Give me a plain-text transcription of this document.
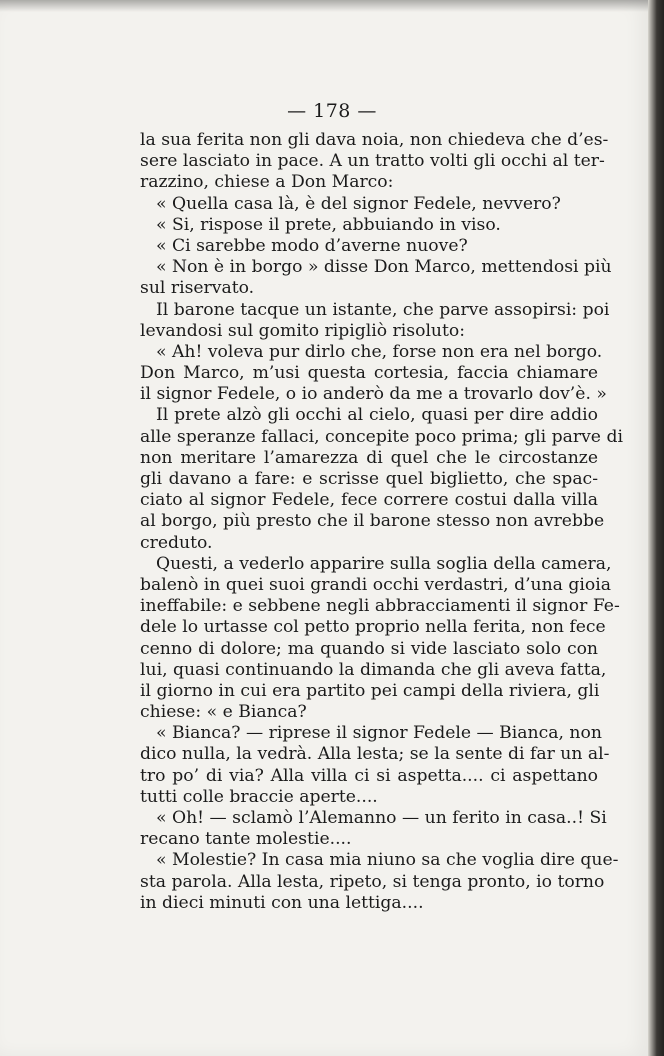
— 178 —
la sua ferita non gli dava noia, non chiedeva che d’es-
sere lasciato in pace. A un tratto volti gli occhi al ter-
razzino, chiese a Don Marco:
« Quella casa là, è del signor Fedele, nevvero?
« Si, rispose il prete, abbuiando in viso.
« Ci sarebbe modo d’averne nuove?
« Non è in borgo » disse Don Marco, mettendosi più
sul riservato.
Il barone tacque un istante, che parve assopirsi: poi
levandosi sul gomito ripigliò risoluto:
« Ah! voleva pur dirlo che, forse non era nel borgo.
Don Marco, m’usi questa cortesia, faccia chiamare
il signor Fedele, o io anderò da me a trovarlo dov’è. »
Il prete alzò gli occhi al cielo, quasi per dire addio
alle speranze fallaci, concepite poco prima; gli parve di
non meritare l’amarezza di quel che le circostanze
gli davano a fare: e scrisse quel biglietto, che spac-
ciato al signor Fedele, fece correre costui dalla villa
al borgo, più presto che il barone stesso non avrebbe
creduto.
Questi, a vederlo apparire sulla soglia della camera,
balenò in quei suoi grandi occhi verdastri, d’una gioia
ineffabile: e sebbene negli abbracciamenti il signor Fe-
dele lo urtasse col petto proprio nella ferita, non fece
cenno di dolore; ma quando si vide lasciato solo con
lui, quasi continuando la dimanda che gli aveva fatta,
il giorno in cui era partito pei campi della riviera, gli
chiese: « e Bianca?
« Bianca? — riprese il signor Fedele — Bianca, non
dico nulla, la vedrà. Alla lesta; se la sente di far un al-
tro po’ di via? Alla villa ci si aspetta.... ci aspettano
tutti colle braccie aperte....
« Oh! — sclamò l’Alemanno — un ferito in casa..! Si
recano tante molestie....
« Molestie? In casa mia niuno sa che voglia dire que-
sta parola. Alla lesta, ripeto, si tenga pronto, io torno
in dieci minuti con una lettiga....
